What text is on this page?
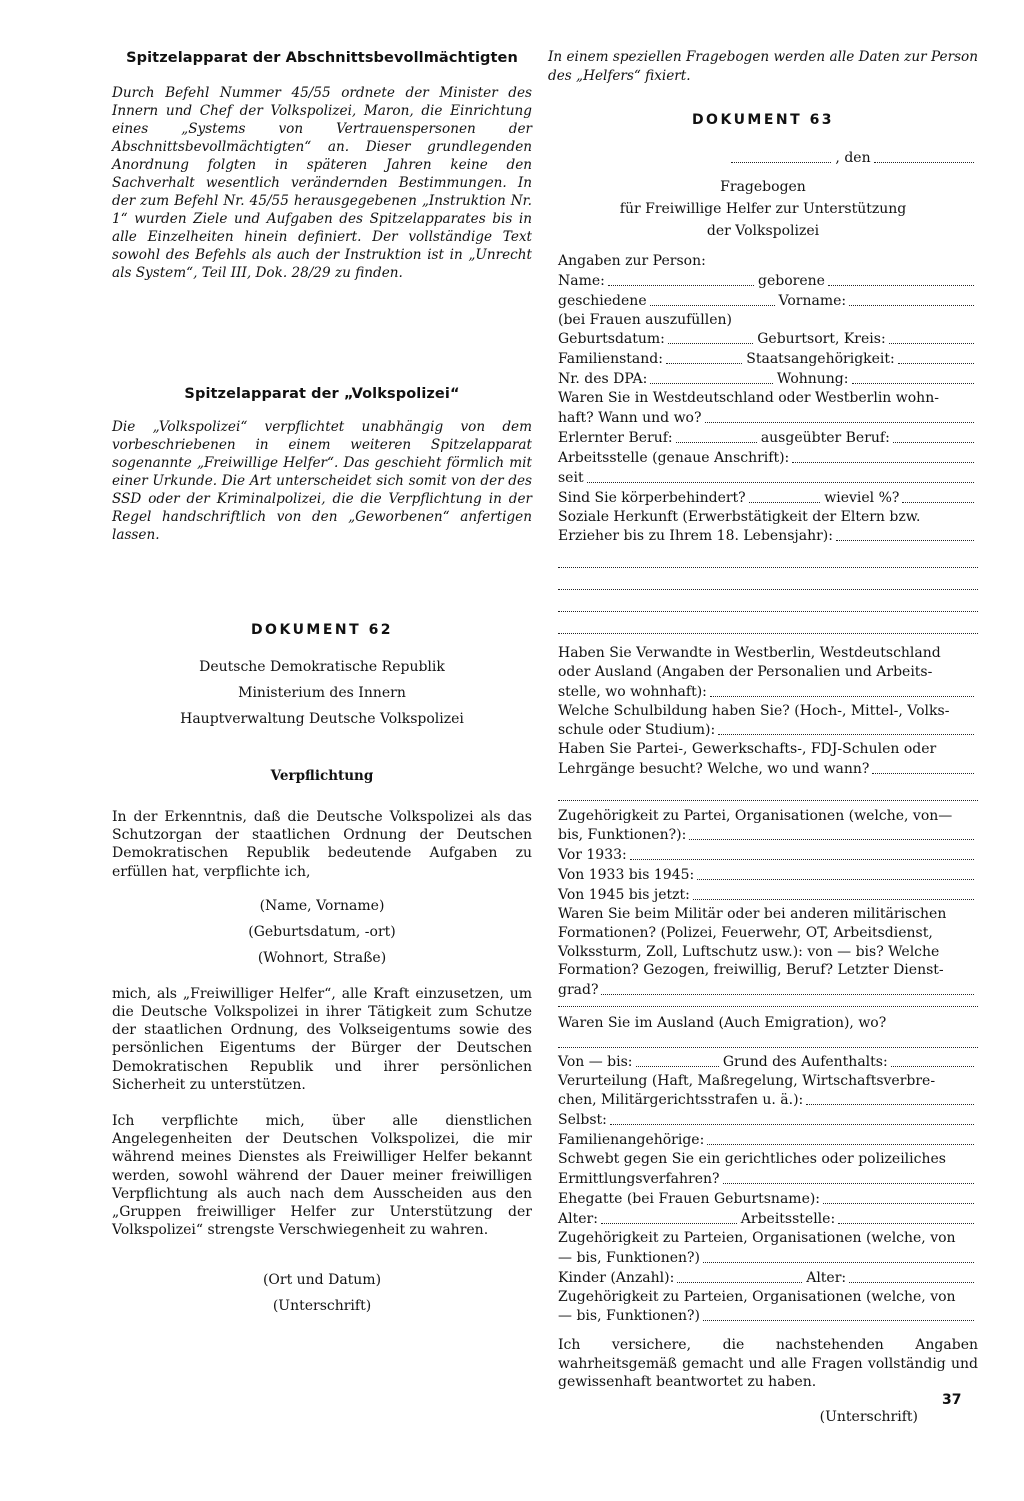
Spitzelapparat der Abschnittsbevollmächtigten

Durch Befehl Nummer 45/55 ordnete der Minister des Innern und Chef der Volkspolizei, Maron, die Einrichtung eines „Systems von Vertrauenspersonen der Abschnittsbevollmächtigten“ an. Dieser grundlegenden Anordnung folgten in späteren Jahren keine den Sachverhalt wesentlich verändernden Bestimmungen. In der zum Befehl Nr. 45/55 herausgegebenen „Instruktion Nr. 1“ wurden Ziele und Aufgaben des Spitzelapparates bis in alle Einzelheiten hinein definiert. Der vollständige Text sowohl des Befehls als auch der Instruktion ist in „Unrecht als System“, Teil III, Dok. 28/29 zu finden.

Spitzelapparat der „Volkspolizei“

Die „Volkspolizei“ verpflichtet unabhängig von dem vorbeschriebenen in einem weiteren Spitzelapparat sogenannte „Freiwillige Helfer“. Das geschieht förmlich mit einer Urkunde. Die Art unterscheidet sich somit von der des SSD oder der Kriminalpolizei, die die Verpflichtung in der Regel handschriftlich von den „Geworbenen“ anfertigen lassen.

DOKUMENT 62

Deutsche Demokratische Republik

Ministerium des Innern

Hauptverwaltung Deutsche Volkspolizei

Verpflichtung

In der Erkenntnis, daß die Deutsche Volkspolizei als das Schutzorgan der staatlichen Ordnung der Deutschen Demokratischen Republik bedeutende Aufgaben zu erfüllen hat, verpflichte ich,

(Name, Vorname)

(Geburtsdatum, -ort)

(Wohnort, Straße)

mich, als „Freiwilliger Helfer“, alle Kraft einzusetzen, um die Deutsche Volkspolizei in ihrer Tätigkeit zum Schutze der staatlichen Ordnung, des Volkseigentums sowie des persönlichen Eigentums der Bürger der Deutschen Demokratischen Republik und ihrer persönlichen Sicherheit zu unterstützen.

Ich verpflichte mich, über alle dienstlichen Angelegenheiten der Deutschen Volkspolizei, die mir während meines Dienstes als Freiwilliger Helfer bekannt werden, sowohl während der Dauer meiner freiwilligen Verpflichtung als auch nach dem Ausscheiden aus den „Gruppen freiwilliger Helfer zur Unterstützung der Volkspolizei“ strengste Verschwiegenheit zu wahren.

(Ort und Datum)

(Unterschrift)

In einem speziellen Fragebogen werden alle Daten zur Person des „Helfers“ fixiert.

DOKUMENT 63

, den

Fragebogen

für Freiwillige Helfer zur Unterstützung

der Volkspolizei

Angaben zur Person:

Name:	geborene
geschiedene	Vorname:

(bei Frauen auszufüllen)

Geburtsdatum:	Geburtsort, Kreis:
Familienstand:	Staatsangehörigkeit:
Nr. des DPA:	Wohnung:

Waren Sie in Westdeutschland oder Westberlin wohn-

haft? Wann und wo?
Erlernter Beruf:	ausgeübter Beruf:
Arbeitsstelle (genaue Anschrift):
seit
Sind Sie körperbehindert?	wieviel %?

Soziale Herkunft (Erwerbstätigkeit der Eltern bzw.

Erzieher bis zu Ihrem 18. Lebensjahr):

Haben Sie Verwandte in Westberlin, Westdeutschland

oder Ausland (Angaben der Personalien und Arbeits-

stelle, wo wohnhaft):

Welche Schulbildung haben Sie? (Hoch-, Mittel-, Volks-

schule oder Studium):

Haben Sie Partei-, Gewerkschafts-, FDJ-Schulen oder

Lehrgänge besucht? Welche, wo und wann?

Zugehörigkeit zu Partei, Organisationen (welche, von—

bis, Funktionen?):
Vor 1933:
Von 1933 bis 1945:
Von 1945 bis jetzt:

Waren Sie beim Militär oder bei anderen militärischen

Formationen? (Polizei, Feuerwehr, OT, Arbeitsdienst,

Volkssturm, Zoll, Luftschutz usw.): von — bis? Welche

Formation? Gezogen, freiwillig, Beruf? Letzter Dienst-

grad?
Waren Sie im Ausland (Auch Emigration), wo?
Von — bis:	Grund des Aufenthalts:

Verurteilung (Haft, Maßregelung, Wirtschaftsverbre-

chen, Militärgerichtsstrafen u. ä.):
Selbst:
Familienangehörige:

Schwebt gegen Sie ein gerichtliches oder polizeiliches

Ermittlungsverfahren?
Ehegatte (bei Frauen Geburtsname):
Alter:	Arbeitsstelle:

Zugehörigkeit zu Parteien, Organisationen (welche, von

— bis, Funktionen?)
Kinder (Anzahl):	Alter:

Zugehörigkeit zu Parteien, Organisationen (welche, von

— bis, Funktionen?)

Ich versichere, die nachstehenden Angaben wahrheitsgemäß gemacht und alle Fragen vollständig und gewissenhaft beantwortet zu haben.

(Unterschrift)

37
